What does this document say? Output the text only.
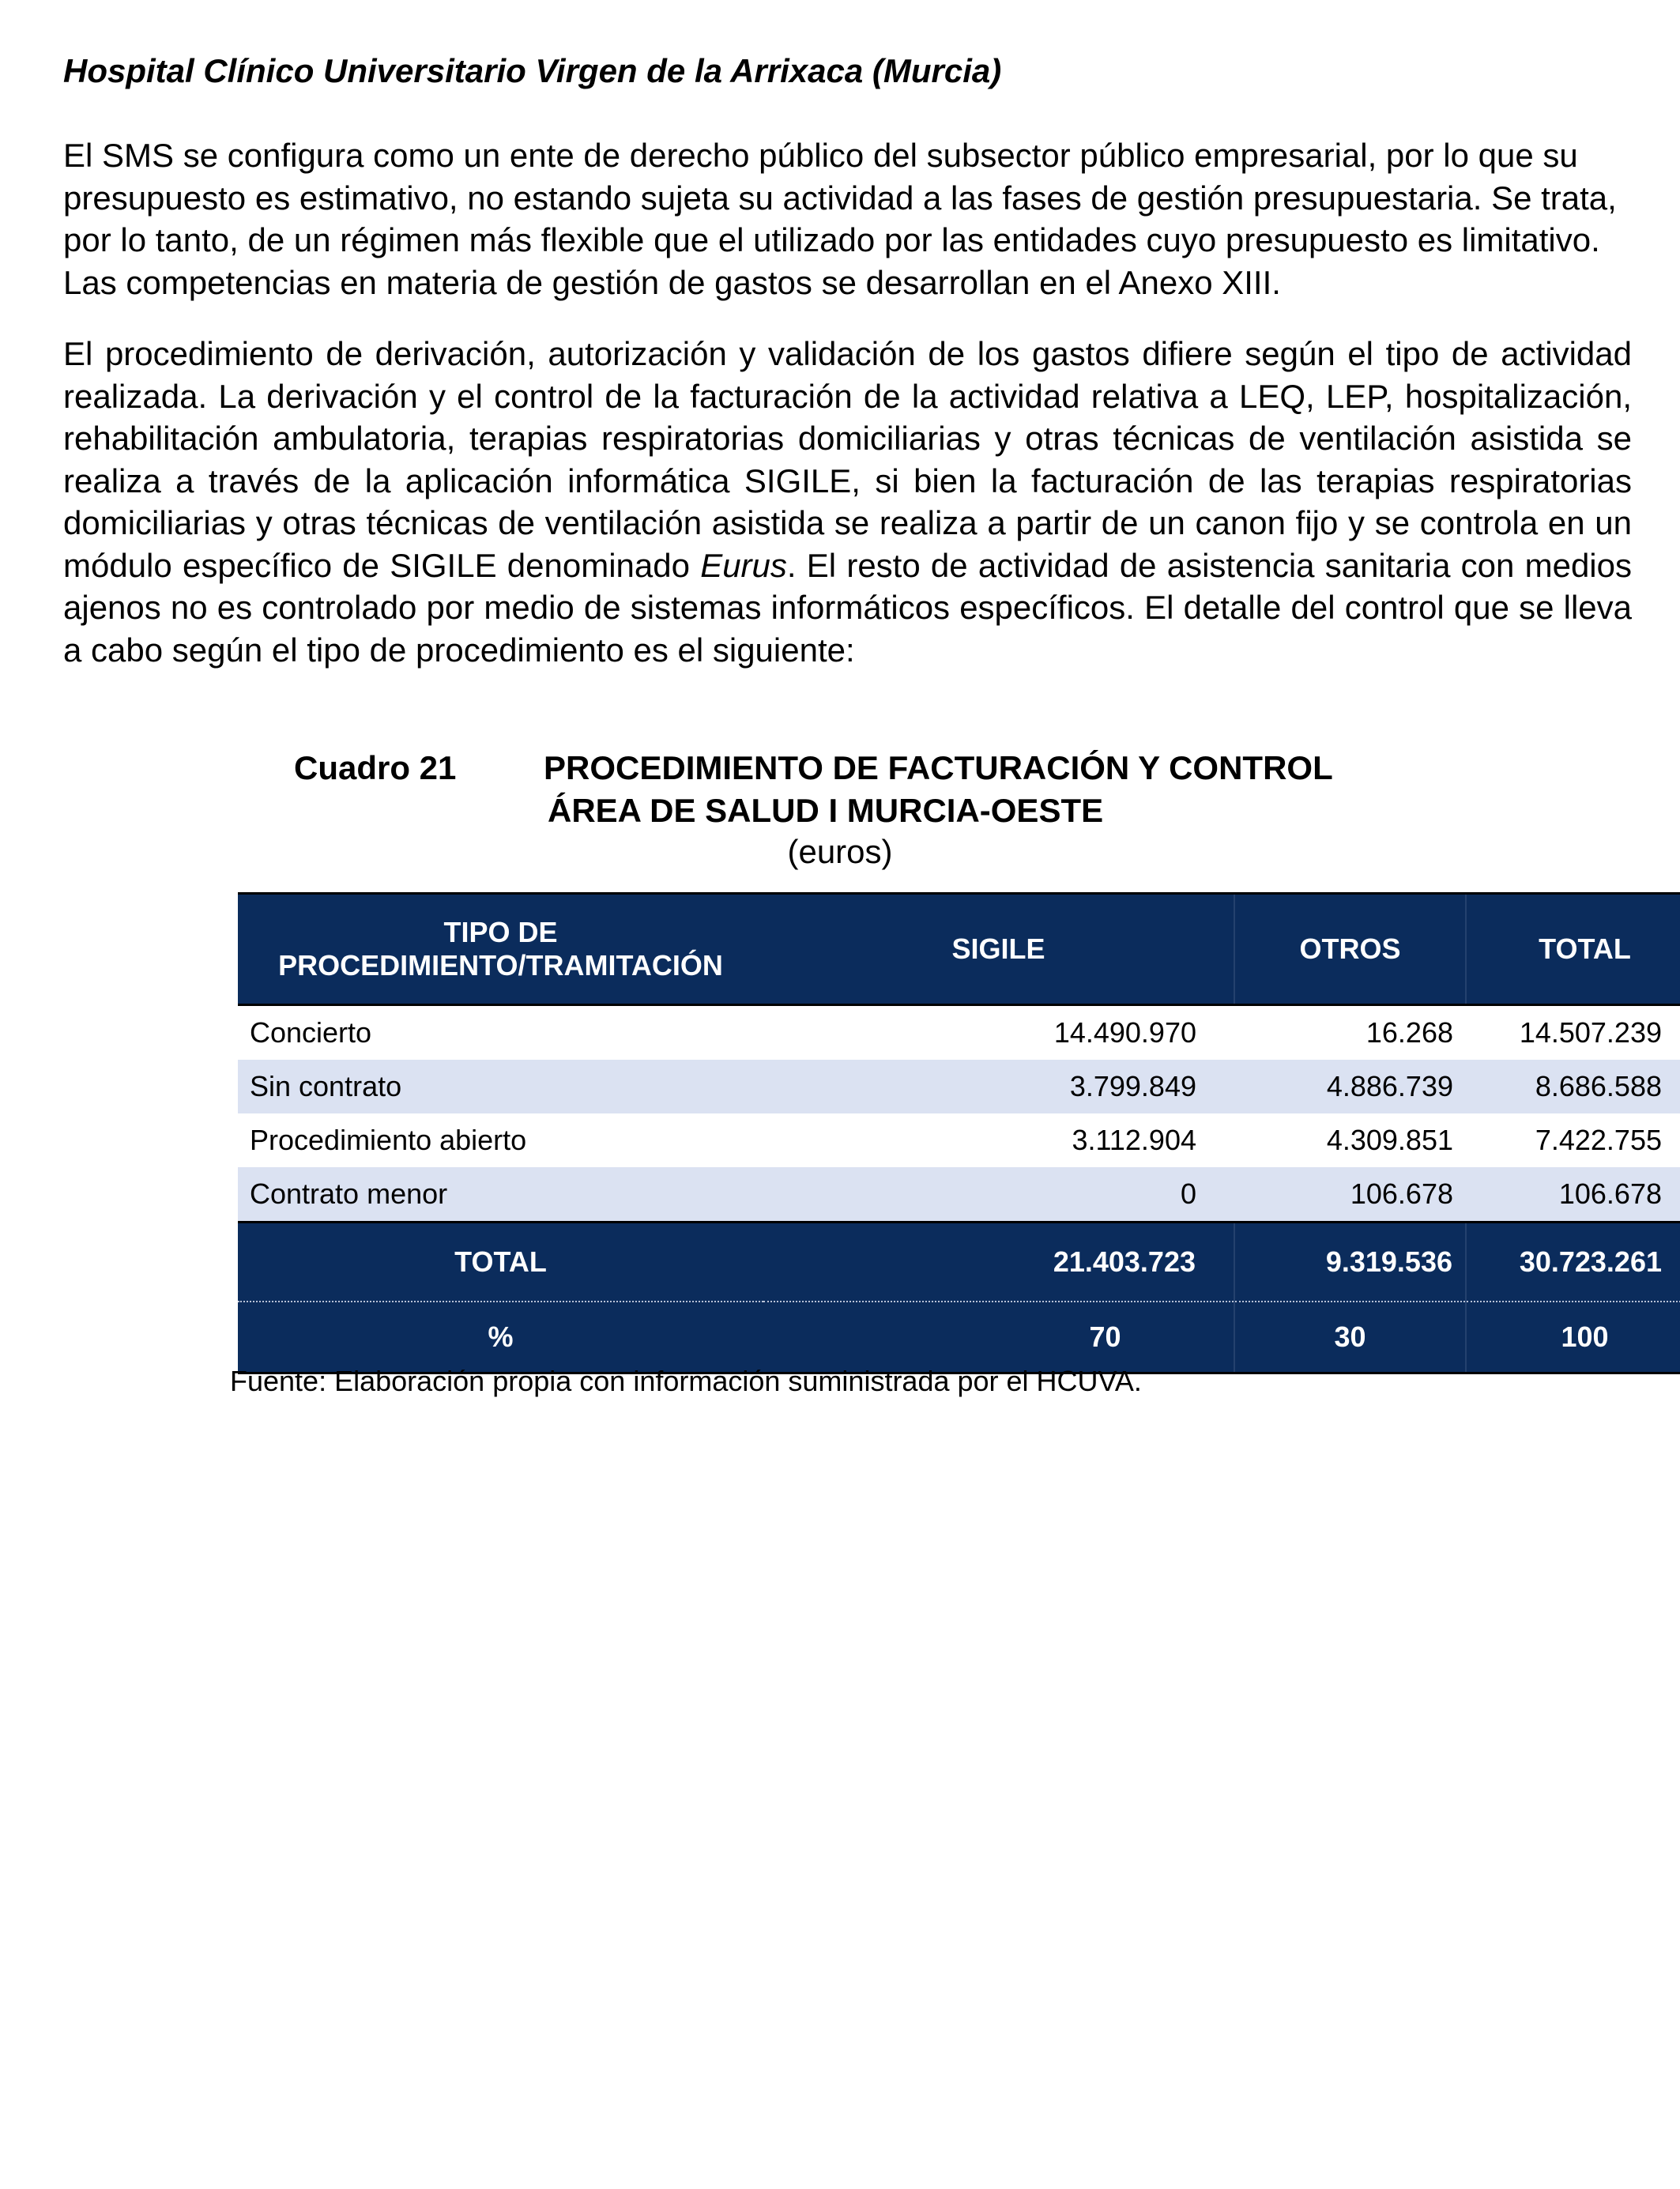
Hospital Clínico Universitario Virgen de la Arrixaca (Murcia)

El SMS se configura como un ente de derecho público del subsector público empresarial, por lo que su presupuesto es estimativo, no estando sujeta su actividad a las fases de gestión presupuestaria. Se trata, por lo tanto, de un régimen más flexible que el utilizado por las entidades cuyo presupuesto es limitativo. Las competencias en materia de gestión de gastos se desarrollan en el Anexo XIII.

El procedimiento de derivación, autorización y validación de los gastos difiere según el tipo de actividad realizada. La derivación y el control de la facturación de la actividad relativa a LEQ, LEP, hospitalización, rehabilitación ambulatoria, terapias respiratorias domiciliarias y otras técnicas de ventilación asistida se realiza a través de la aplicación informática SIGILE, si bien la facturación de las terapias respiratorias domiciliarias y otras técnicas de ventilación asistida se realiza a partir de un canon fijo y se controla en un módulo específico de SIGILE denominado Eurus. El resto de actividad de asistencia sanitaria con medios ajenos no es controlado por medio de sistemas informáticos específicos. El detalle del control que se lleva a cabo según el tipo de procedimiento es el siguiente:

Cuadro 21	PROCEDIMIENTO DE FACTURACIÓN Y CONTROL
ÁREA DE SALUD I MURCIA-OESTE
(euros)
TIPO DE
PROCEDIMIENTO/TRAMITACIÓN	SIGILE	OTROS	TOTAL
Concierto	14.490.970	16.268	14.507.239
Sin contrato	3.799.849	4.886.739	8.686.588
Procedimiento abierto	3.112.904	4.309.851	7.422.755
Contrato menor	0	106.678	106.678
TOTAL	21.403.723	9.319.536	30.723.261
%	70	30	100
Fuente: Elaboración propia con información suministrada por el HCUVA.
